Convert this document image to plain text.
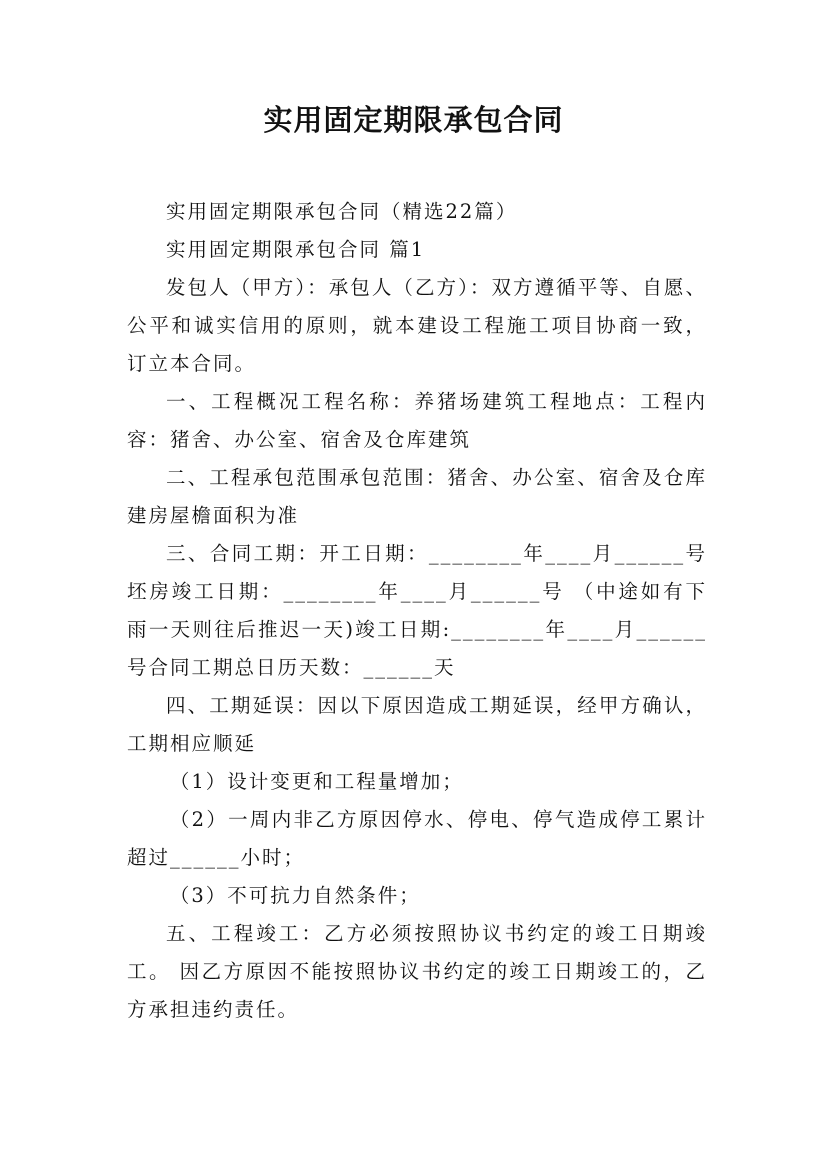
实用固定期限承包合同

实用固定期限承包合同（精选22篇）

实用固定期限承包合同 篇1

发包人（甲方）：承包人（乙方）：双方遵循平等、自愿、公平和诚实信用的原则，就本建设工程施工项目协商一致，订立本合同。

一、工程概况工程名称：养猪场建筑工程地点：工程内容：猪舍、办公室、宿舍及仓库建筑

二、工程承包范围承包范围：猪舍、办公室、宿舍及仓库建房屋檐面积为准

三、合同工期：开工日期：________年____月______号坯房竣工日期：________年____月______号 （中途如有下雨一天则往后推迟一天)竣工日期:________年____月______号合同工期总日历天数：______天

四、工期延误：因以下原因造成工期延误，经甲方确认，工期相应顺延

（1）设计变更和工程量增加；

（2）一周内非乙方原因停水、停电、停气造成停工累计超过______小时；

（3）不可抗力自然条件；

五、工程竣工：乙方必须按照协议书约定的竣工日期竣工。 因乙方原因不能按照协议书约定的竣工日期竣工的，乙方承担违约责任。
